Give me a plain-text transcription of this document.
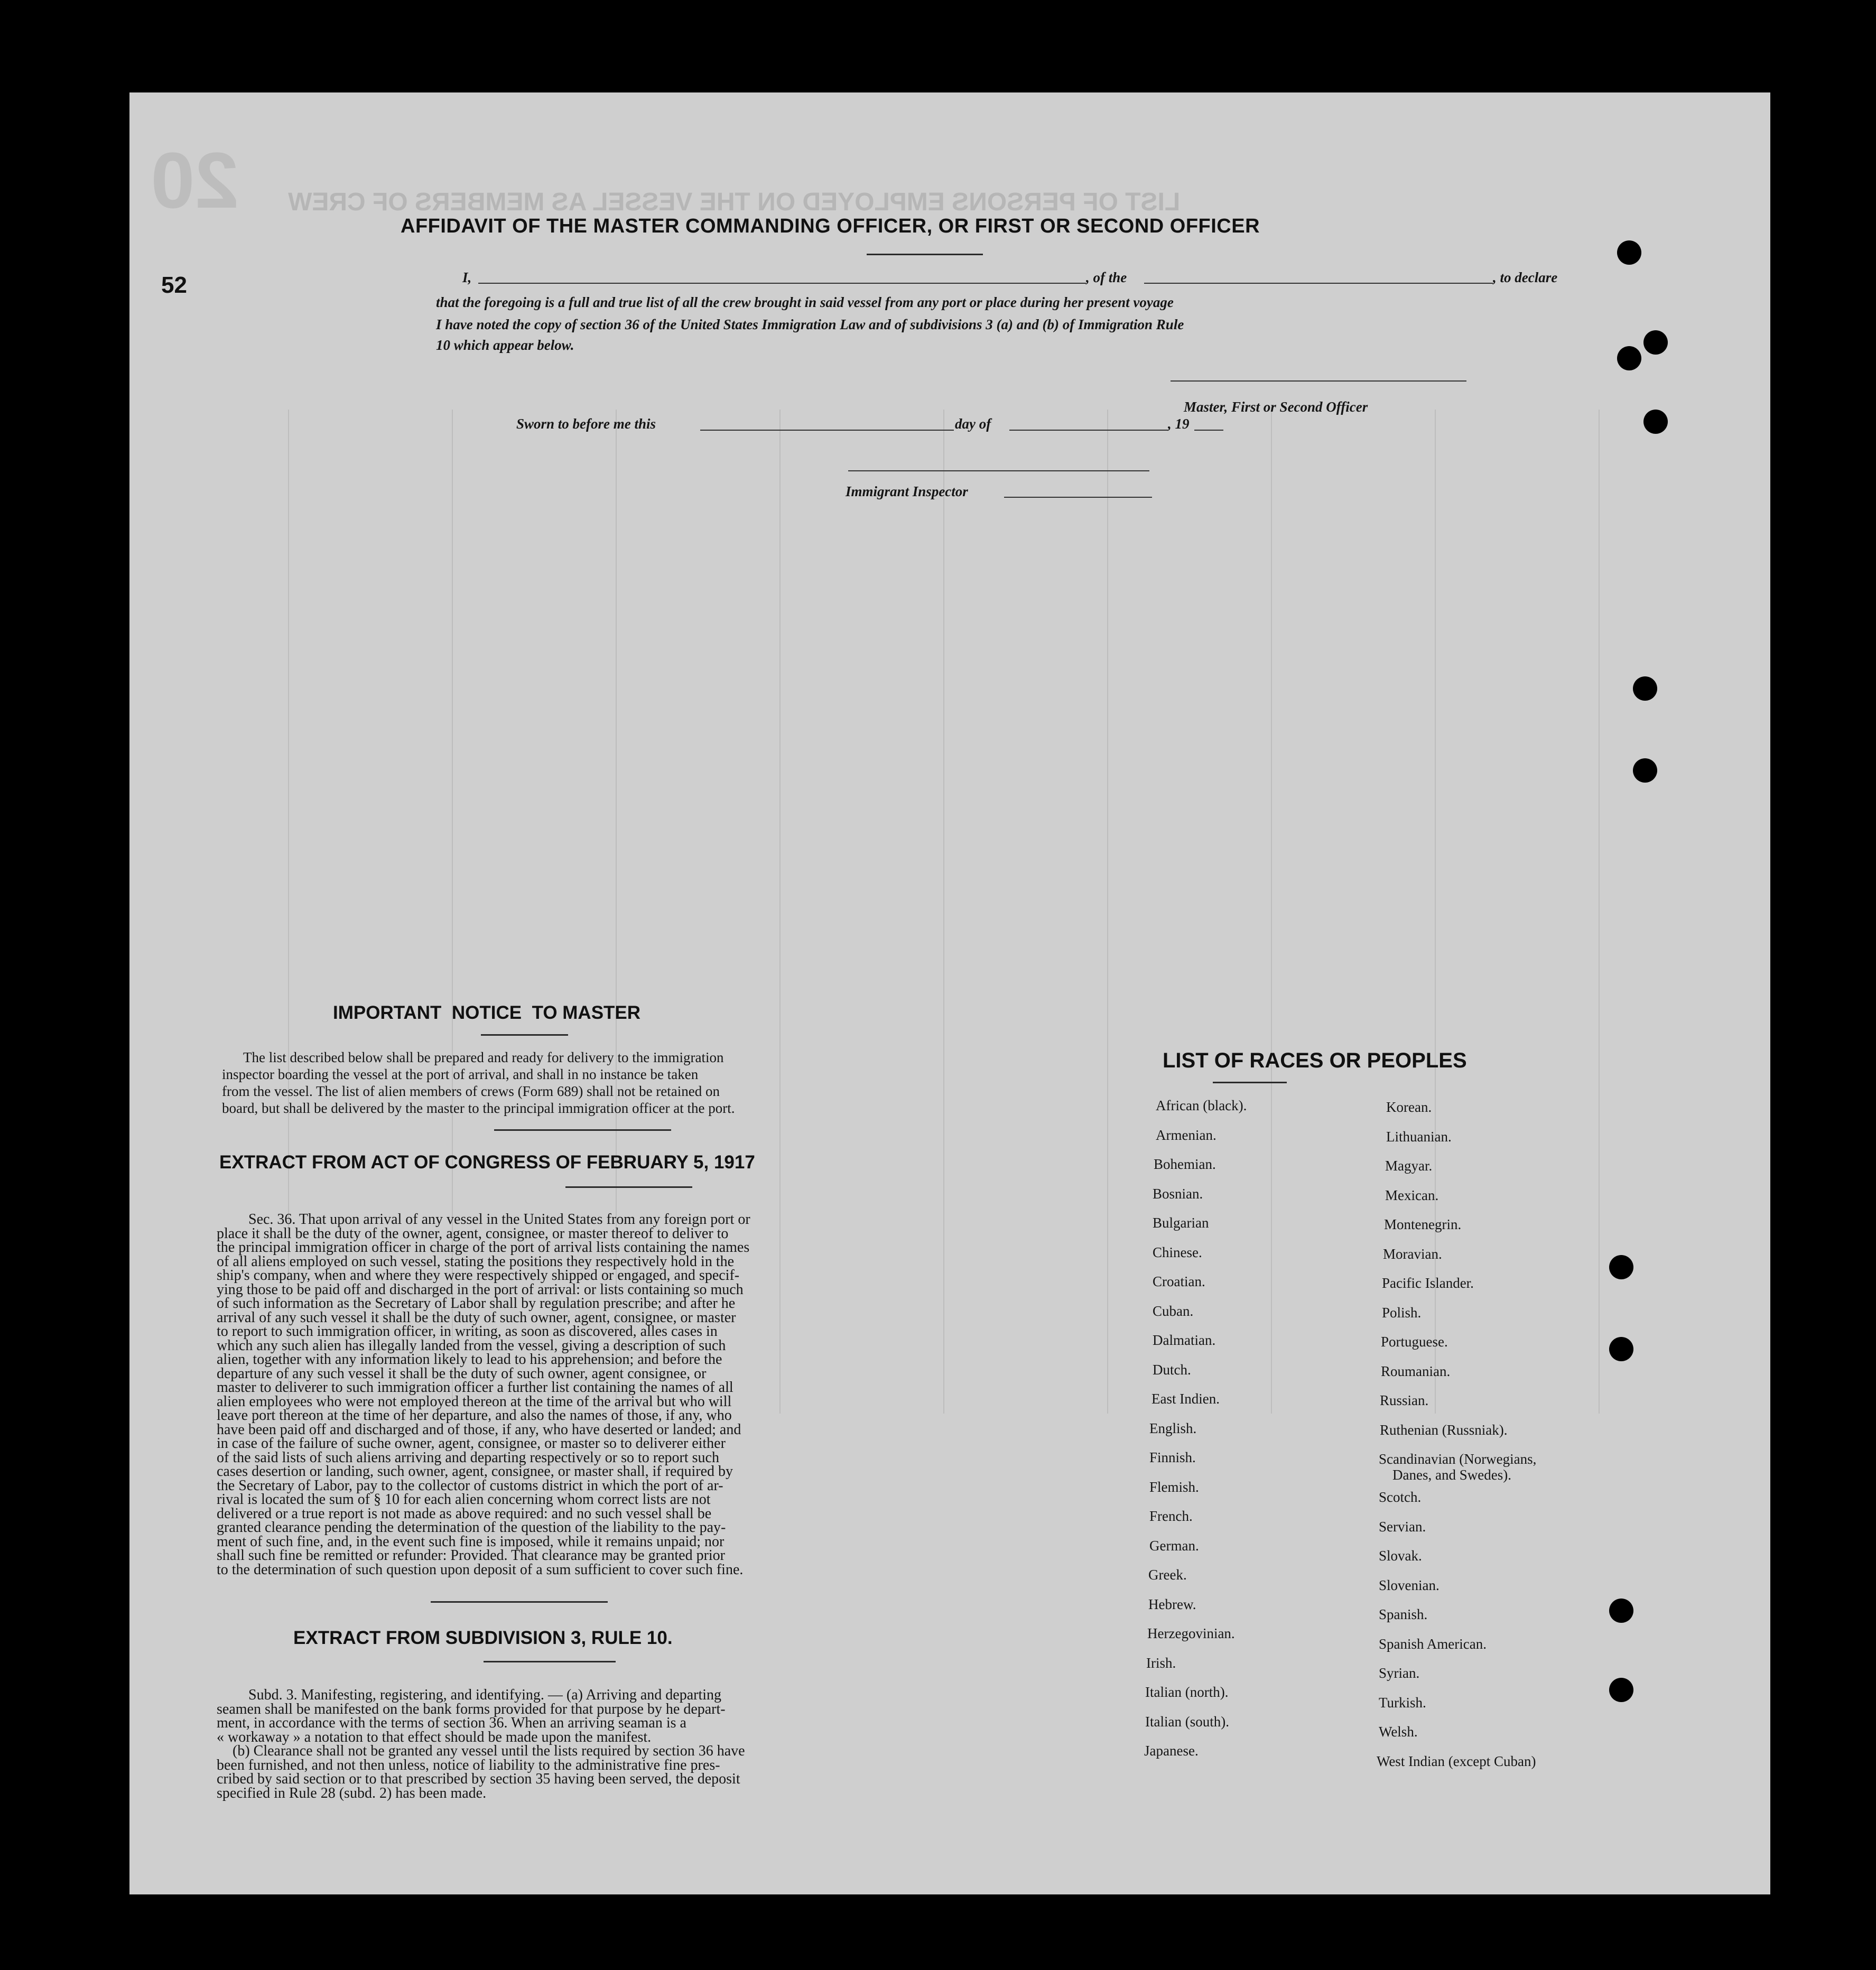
20 LIST OF PERSONS EMPLOYED ON THE VESSEL AS MEMBERS OF CREW
52
AFFIDAVIT OF THE MASTER COMMANDING OFFICER, OR FIRST OR SECOND OFFICER
I,	, of the	, to declare
that the foregoing is a full and true list of all the crew brought in said vessel from any port or place during her present voyage
I have noted the copy of section 36 of the United States Immigration Law and of subdivisions 3 (a) and (b) of Immigration Rule
10 which appear below.
Master, First or Second Officer
Sworn to before me this	day of	, 19
Immigrant Inspector
IMPORTANT NOTICE TO MASTER
The list described below shall be prepared and ready for delivery to the immigration
inspector boarding the vessel at the port of arrival, and shall in no instance be taken
from the vessel. The list of alien members of crews (Form 689) shall not be retained on
board, but shall be delivered by the master to the principal immigration officer at the port.
EXTRACT FROM ACT OF CONGRESS OF FEBRUARY 5, 1917
Sec. 36. That upon arrival of any vessel in the United States from any foreign port or
place it shall be the duty of the owner, agent, consignee, or master thereof to deliver to
the principal immigration officer in charge of the port of arrival lists containing the names
of all aliens employed on such vessel, stating the positions they respectively hold in the
ship's company, when and where they were respectively shipped or engaged, and specif-
ying those to be paid off and discharged in the port of arrival: or lists containing so much
of such information as the Secretary of Labor shall by regulation prescribe; and after he
arrival of any such vessel it shall be the duty of such owner, agent, consignee, or master
to report to such immigration officer, in writing, as soon as discovered, alles cases in
which any such alien has illegally landed from the vessel, giving a description of such
alien, together with any information likely to lead to his apprehension; and before the
departure of any such vessel it shall be the duty of such owner, agent consignee, or
master to deliverer to such immigration officer a further list containing the names of all
alien employees who were not employed thereon at the time of the arrival but who will
leave port thereon at the time of her departure, and also the names of those, if any, who
have been paid off and discharged and of those, if any, who have deserted or landed; and
in case of the failure of suche owner, agent, consignee, or master so to deliverer either
of the said lists of such aliens arriving and departing respectively or so to report such
cases desertion or landing, such owner, agent, consignee, or master shall, if required by
the Secretary of Labor, pay to the collector of customs district in which the port of ar-
rival is located the sum of § 10 for each alien concerning whom correct lists are not
delivered or a true report is not made as above required: and no such vessel shall be
granted clearance pending the determination of the question of the liability to the pay-
ment of such fine, and, in the event such fine is imposed, while it remains unpaid; nor
shall such fine be remitted or refunder: Provided. That clearance may be granted prior
to the determination of such question upon deposit of a sum sufficient to cover such fine.
EXTRACT FROM SUBDIVISION 3, RULE 10.
Subd. 3. Manifesting, registering, and identifying. — (a) Arriving and departing
seamen shall be manifested on the bank forms provided for that purpose by he depart-
ment, in accordance with the terms of section 36. When an arriving seaman is a
« workaway » a notation to that effect should be made upon the manifest.
(b) Clearance shall not be granted any vessel until the lists required by section 36 have
been furnished, and not then unless, notice of liability to the administrative fine pres-
cribed by said section or to that prescribed by section 35 having been served, the deposit
specified in Rule 28 (subd. 2) has been made.
LIST OF RACES OR PEOPLES
African (black).
Armenian.
Bohemian.
Bosnian.
Bulgarian
Chinese.
Croatian.
Cuban.
Dalmatian.
Dutch.
East Indien.
English.
Finnish.
Flemish.
French.
German.
Greek.
Hebrew.
Herzegovinian.
Irish.
Italian (north).
Italian (south).
Japanese.
Korean.
Lithuanian.
Magyar.
Mexican.
Montenegrin.
Moravian.
Pacific Islander.
Polish.
Portuguese.
Roumanian.
Russian.
Ruthenian (Russniak).
Scandinavian (Norwegians,
Danes, and Swedes).
Scotch.
Servian.
Slovak.
Slovenian.
Spanish.
Spanish American.
Syrian.
Turkish.
Welsh.
West Indian (except Cuban)
